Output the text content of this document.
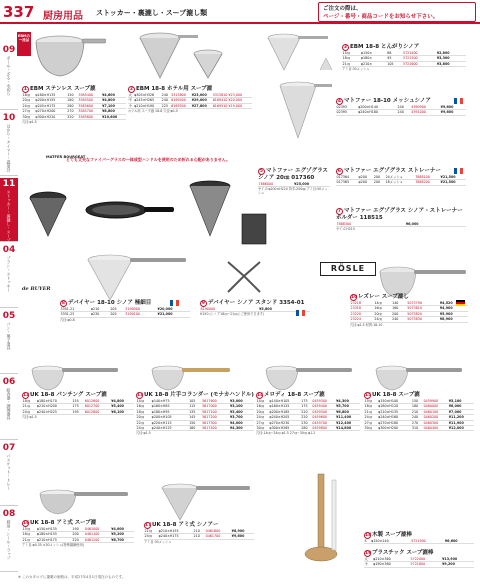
337 厨房用品 ストッカー・裏漉し・スープ漉し類	ご注文の際は、
ページ・番号・商品コードをお知らせ下さい。
09
ボール・ざる・水切り
10
はかり・タイマー・温度計
11
ストッカー・裏漉し・スープ漉し
04
ブラシ・ストッキー
05
パン・菓子道具
06
給食器・調理器具
07
バスケット・トレー
08
厨房・シール・ラップ
EBMの一流品
1 EBM ステンレス スープ漉
18㎝	φ180×H135	150	3585400	¥4,600
20㎝	φ200×H155	180	3585500	¥4,800
24㎝	φ245×H175	260	3585600	¥7,100
27㎝	φ270×H200	270	3585700	¥8,800
30㎝	φ300×H220	320	3585800	¥10,600
穴径:φ1.5
2 EBM 18-8 ホテル用 スープ漉
大	φ305×H326	240	5315800	¥23,000	5315810 ¥23,000
中	φ245×H265	240	6169400	¥29,000	6169410 ¥20,000
小	φ210×H190	225	6169500	¥27,800	6169510 ¥19,000
ホテル用 スープ漉 18-8 穴径:φ1.5
3 EBM 18-8 とんがりシノア
15㎝	φ150×	88	5721400	¥2,800
18㎝	φ180×	95	5721500	¥3,300
21㎝	φ210×	105	5721600	¥3,800
アミ目:30メッシュ
4 マトファー 18-10 メッシュシノア
02393	φ200×H140	240	4390900	¥9,600
02395	φ240×H180	240	4391000	¥9,600
MATFER BOURGEAT
とても丈夫なファイバーグラスの一体成型ハンドルを使用のため折れる心配がありません。
5 マトファー エグゾグラス シノア 20㎝ 017360
7888000	¥25,000
サイズ:φ200×H220 持手:200㎜ アミ目:50メッシュ
6 マトファー エグゾグラス ストレーナー
017364	φ200	200	24メッシュ	7888100	¥21,500
017365	φ200	200	18メッシュ	7888200	¥21,500
7 マトファー エグゾグラス シノア・ストレーナーホルダー 118515
7888300	¥6,000
サイズ:H215
de BUYER
RÖSLE
8 デバイヤー 18-10 シノア 極細目
3351-21	φ210	205	3190000	¥20,000
3351-23	φ230	205	3190100	¥21,000
穴径:φ0.8
9 デバイヤー シノア スタンド 3354-01
8190000	¥5,800
H150 (シノア18㎝~21㎝にご使用できます)
10レズレー スープ漉し
23218	14㎝	140	5073790	¥4,520
23318	16㎝	160	5073810	¥4,900
23220	20㎝	200	5073820	¥5,900
23224	24㎝	240	5073830	¥8,900
穴径:φ1.5 材質:18-10
12UK 18-8 パンチング スープ漉
18㎝	φ180×H170	155	6012600	¥4,800
21㎝	φ210×H200	175	6012700	¥5,400
24㎝	φ240×H225	195	6012800	¥6,100
穴径:φ1.5
13UK 18-8 片手コランダー (モナカハンドル)
14㎝	φ140×H75	105	5617600	¥3,000
16㎝	φ160×H85	115	5617000	¥3,100
18㎝	φ180×H95	135	5617100	¥3,400
20㎝	φ200×H105	145	5617200	¥3,700
22㎝	φ220×H115	150	5617300	¥4,000
24㎝	φ240×H125	160	5617400	¥4,300
穴径:φ1.5
14メロディ 18-8 スープ漉
14㎝	φ140×H105	175	0459300	¥4,300
16㎝	φ160×H125	175	0459400	¥5,700
20㎝	φ200×H165	220	0459500	¥6,800
24㎝	φ240×H205	220	0459600	¥11,400
27㎝	φ270×H230	230	0459700	¥12,400
30㎝	φ300×H265	280	0459800	¥14,800
穴径:14㎝~24㎝ φ1.5 27㎝~30㎝ φ1.2
15UK 18-8 スープ漉
15㎝	φ150×H100	150	0459900	¥5,100
18㎝	φ180×H120	180	0460000	¥6,000
21㎝	φ210×H135	210	0460100	¥7,000
24㎝	φ240×H160	240	0460200	¥11,200
27㎝	φ270×H180	270	0460300	¥11,900
30㎝	φ300×H200	310	0460400	¥12,000
16UK 18-8 アミ式 スープ漉
15㎝	φ150×H135	190	0461000	¥4,600
18㎝	φ180×H155	200	0461100	¥5,200
21㎝	φ210×H175	220	0461200	¥6,700
アミ目:φ0.35 ×30メッシュ(特殊織網使用)
17UK 18-8 アミ式 シノアー
21㎝	φ210×H155	210	0461600	¥8,900
24㎝	φ240×H175	210	0461700	¥9,600
アミ目:30メッシュ
18木製 スープ漉棒
S	φ150×240	5721900	¥6,600
19プラスチック スープ漉棒
大	φ210×360	5722000	¥13,900
小	φ190×360	5721800	¥9,200
※ このカタログに掲載の価格は、平成27年4月1日現在のものです。
